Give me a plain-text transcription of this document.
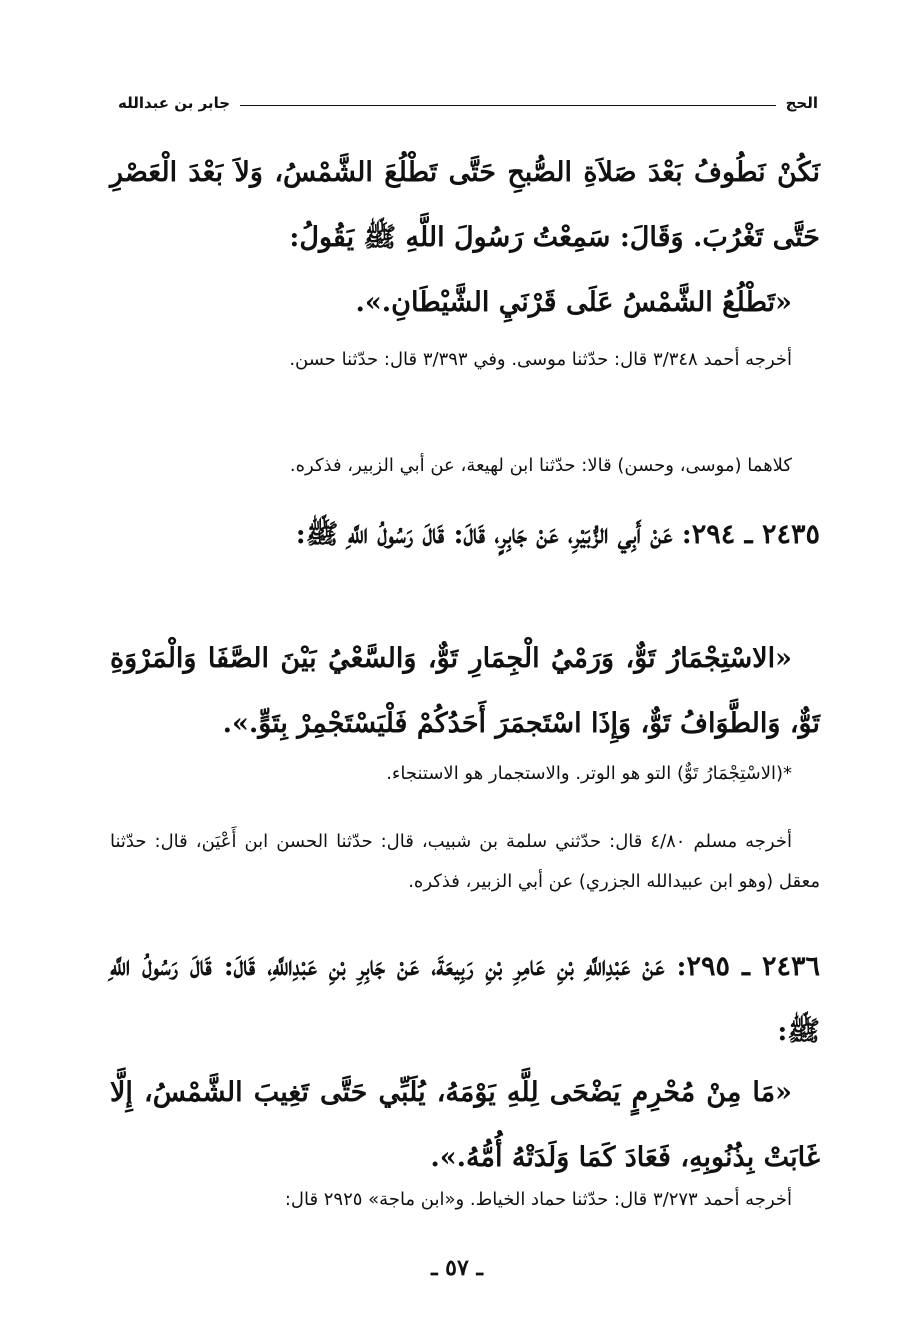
الحج
جابر بن عبدالله
نَكُنْ نَطُوفُ بَعْدَ صَلاَةِ الصُّبحِ حَتَّى تَطْلُعَ الشَّمْسُ، وَلاَ بَعْدَ الْعَصْرِ حَتَّى تَغْرُبَ. وَقَالَ: سَمِعْتُ رَسُولَ اللَّهِ ﷺ يَقُولُ:
«تَطْلُعُ الشَّمْسُ عَلَى قَرْنَيِ الشَّيْطَانِ.».
أخرجه أحمد ٣/٣٤٨ قال: حدّثنا موسى. وفي ٣/٣٩٣ قال: حدّثنا حسن.
كلاهما (موسى، وحسن) قالا: حدّثنا ابن لهيعة، عن أبي الزبير، فذكره.
٢٤٣٥ ـ ٢٩٤: عَنْ أَبِي الزُّبَيْرِ، عَنْ جَابِرٍ، قَالَ: قَالَ رَسُولُ اللَّهِ ﷺ:
«الاسْتِجْمَارُ تَوٌّ، وَرَمْيُ الْجِمَارِ تَوٌّ، وَالسَّعْيُ بَيْنَ الصَّفَا وَالْمَرْوَةِ تَوٌّ، وَالطَّوَافُ تَوٌّ، وَإِذَا اسْتَجمَرَ أَحَدُكُمْ فَلْيَسْتَجْمِرْ بِتَوٍّ.».
*(الاسْتِجْمَارُ تَوٌّ) التو هو الوتر. والاستجمار هو الاستنجاء.
أخرجه مسلم ٤/٨٠ قال: حدّثني سلمة بن شبيب، قال: حدّثنا الحسن ابن أَعْيَن، قال: حدّثنا معقل (وهو ابن عبيدالله الجزري) عن أبي الزبير، فذكره.
٢٤٣٦ ـ ٢٩٥: عَنْ عَبْدِاللَّهِ بْنِ عَامِرِ بْنِ رَبِيعَةَ، عَنْ جَابِرِ بْنِ عَبْدِاللَّهِ، قَالَ: قَالَ رَسُولُ اللَّهِ ﷺ:
«مَا مِنْ مُحْرِمٍ يَضْحَى لِلَّهِ يَوْمَهُ، يُلَبِّي حَتَّى تَغِيبَ الشَّمْسُ، إِلَّا غَابَتْ بِذُنُوبِهِ، فَعَادَ كَمَا وَلَدَتْهُ أُمُّهُ.».
أخرجه أحمد ٣/٢٧٣ قال: حدّثنا حماد الخياط. و«ابن ماجة» ٢٩٢٥ قال:
ـ ٥٧ ـ
